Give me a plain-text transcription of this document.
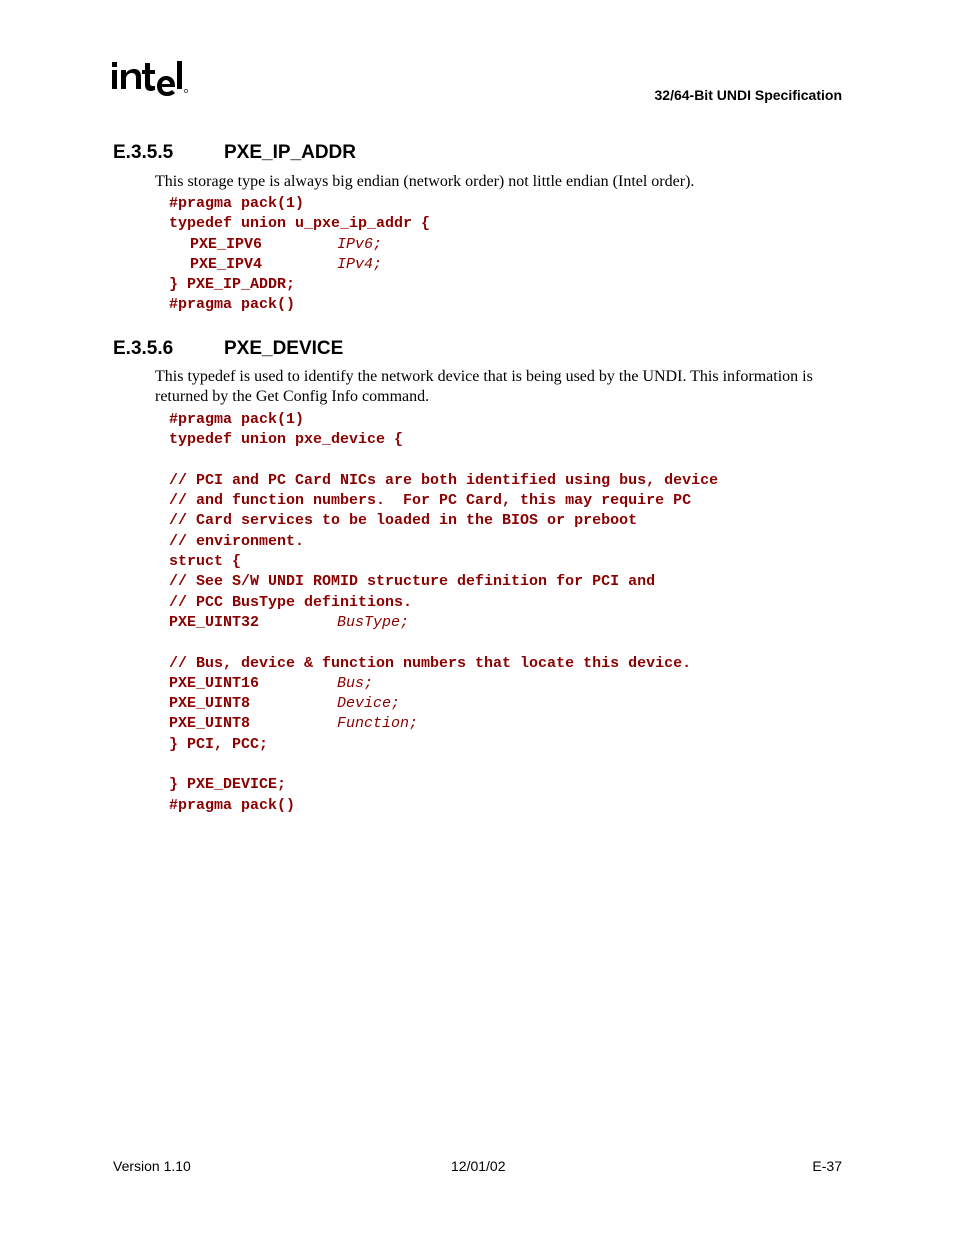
32/64-Bit UNDI Specification
E.3.5.5	PXE_IP_ADDR
This storage type is always big endian (network order) not little endian (Intel order).
#pragma pack(1)
typedef union u_pxe_ip_addr {
PXE_IPV6	IPv6;
PXE_IPV4	IPv4;
} PXE_IP_ADDR;
#pragma pack()
E.3.5.6	PXE_DEVICE
This typedef is used to identify the network device that is being used by the UNDI. This information is returned by the Get Config Info command.
#pragma pack(1)
typedef union pxe_device {
// PCI and PC Card NICs are both identified using bus, device
// and function numbers.  For PC Card, this may require PC
// Card services to be loaded in the BIOS or preboot
// environment.
struct {
// See S/W UNDI ROMID structure definition for PCI and
// PCC BusType definitions.
PXE_UINT32	BusType;
// Bus, device & function numbers that locate this device.
PXE_UINT16	Bus;
PXE_UINT8	Device;
PXE_UINT8	Function;
} PCI, PCC;
} PXE_DEVICE;
#pragma pack()
Version 1.10	12/01/02	E-37
